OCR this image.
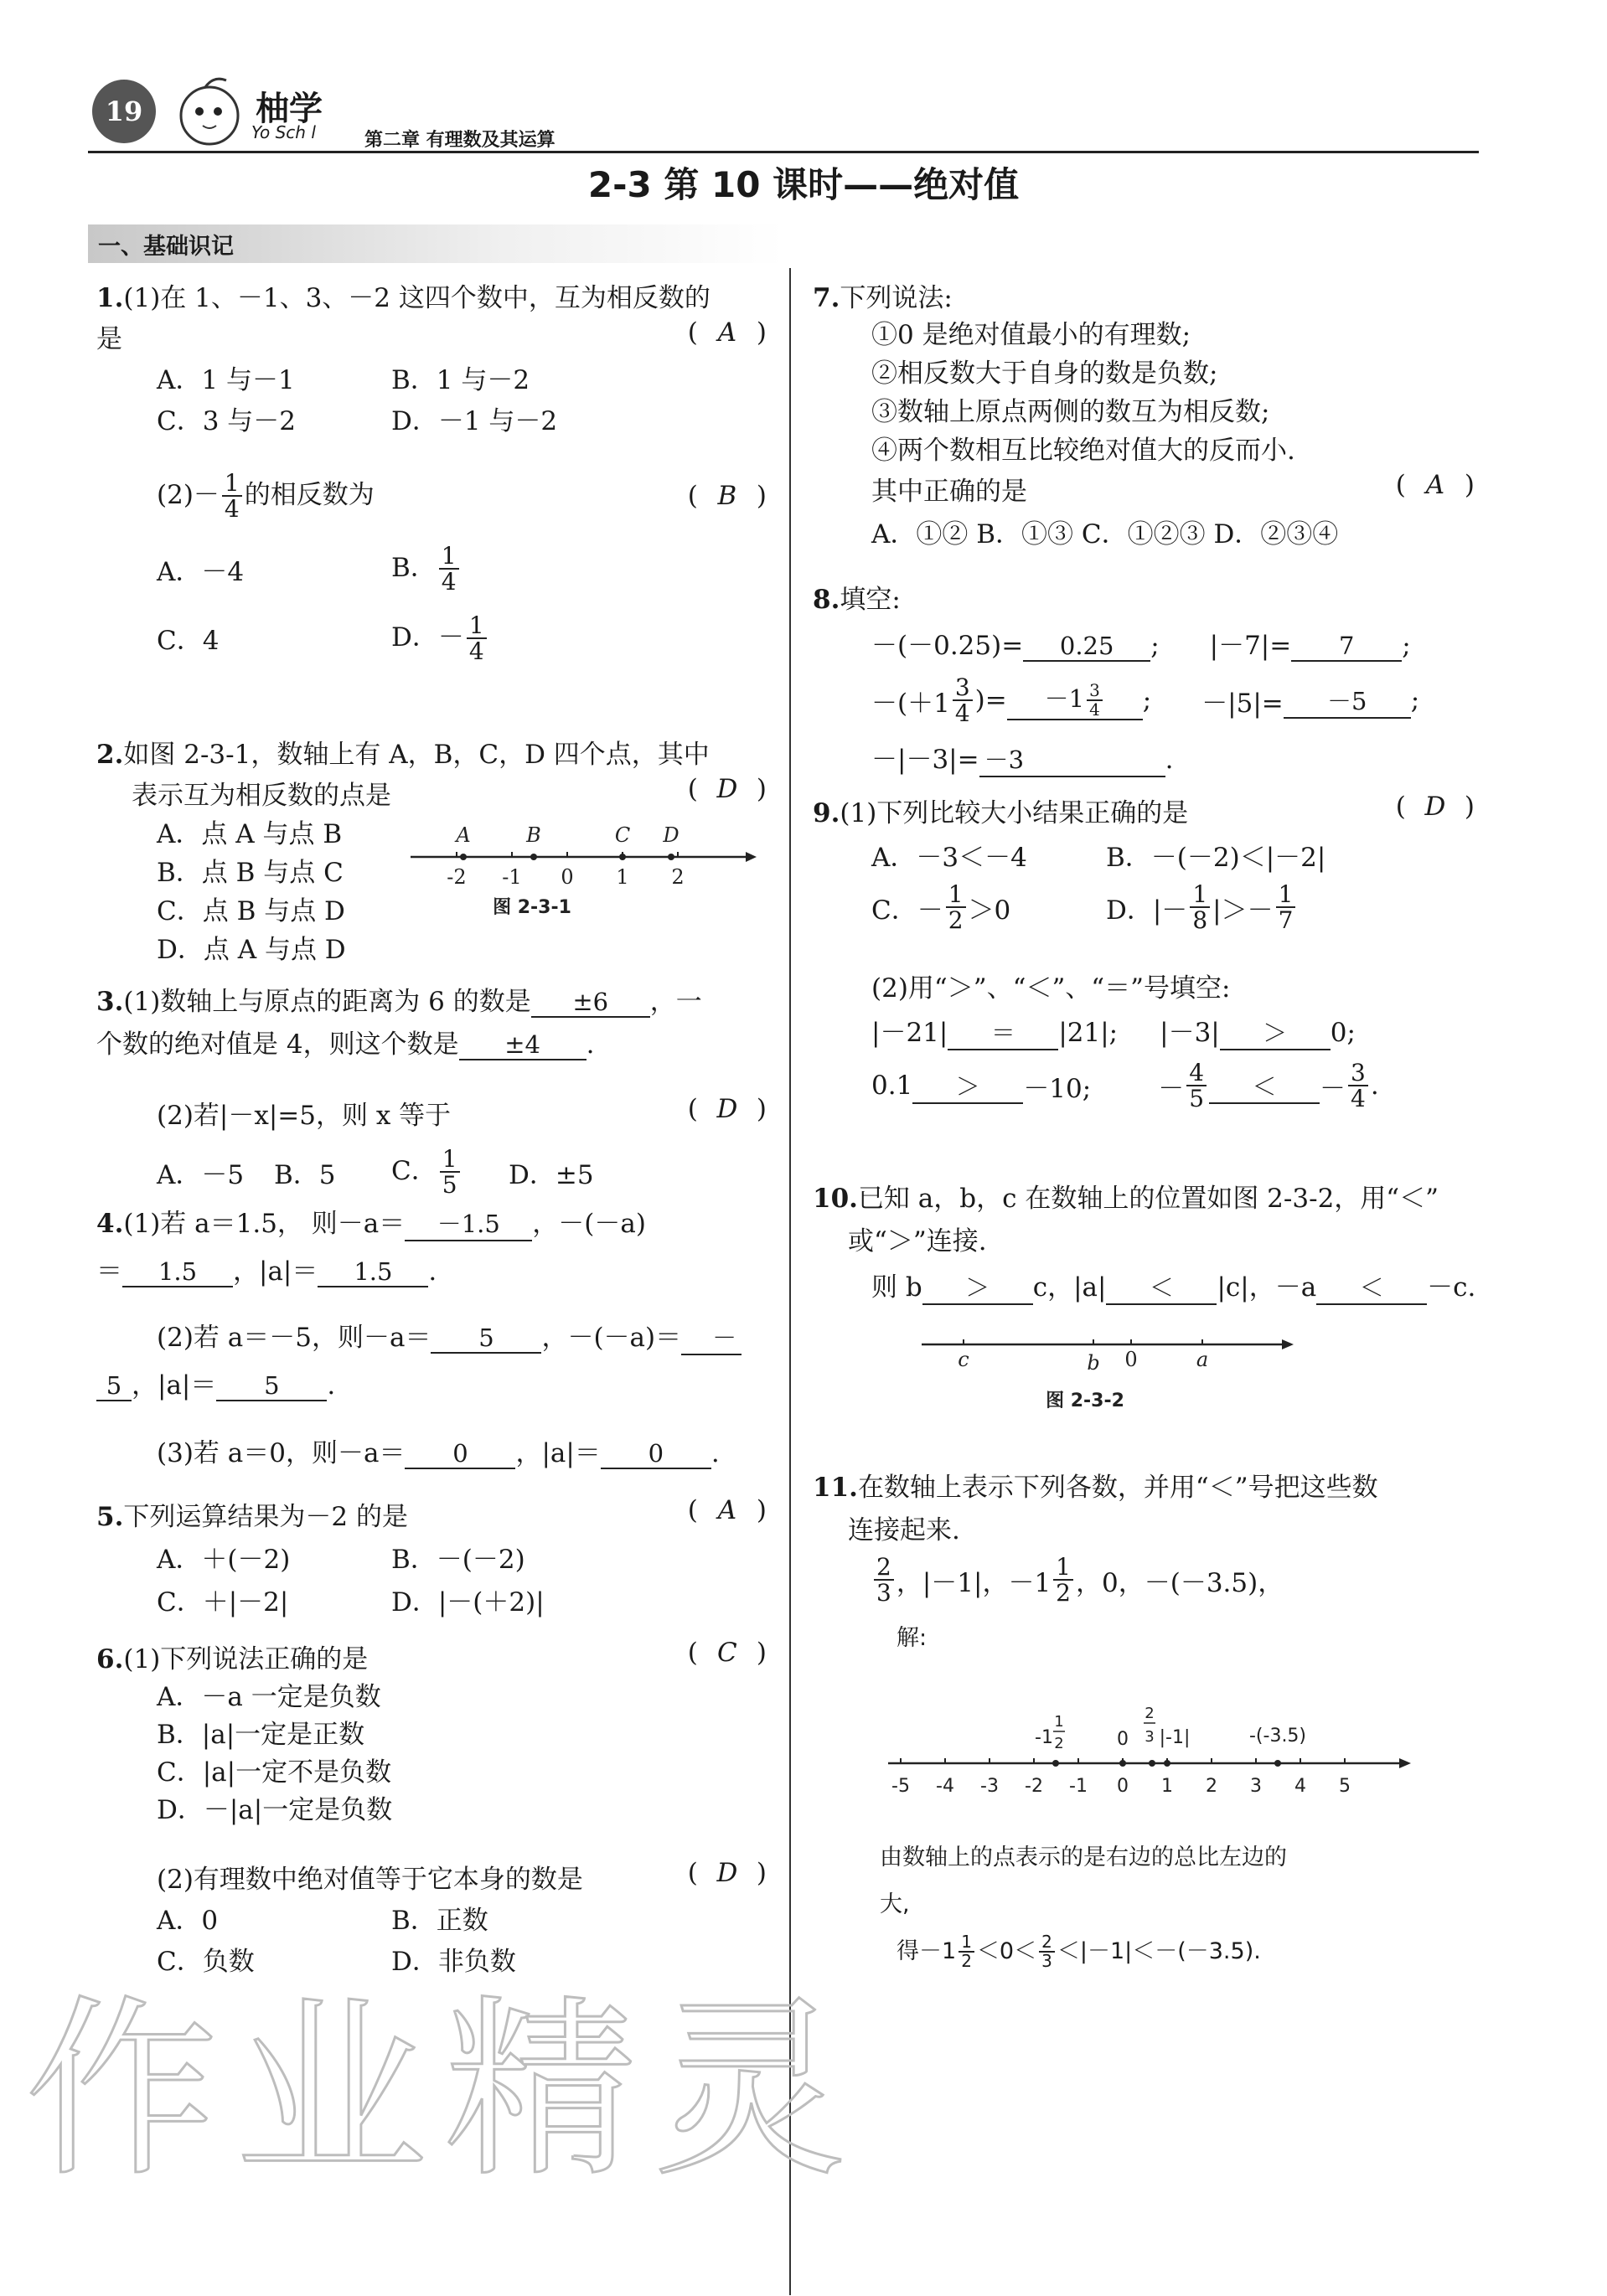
19	柚学
Yo Sch l	第二章 有理数及其运算
2-3 第 10 课时——绝对值
一、基础识记
1.(1)在 1、－1、3、－2 这四个数中，互为相反数的
是	( A )
A．1 与－1	B．1 与－2
C．3 与－2	D．－1 与－2
$(2)- \frac{1}{4}$ 的相反数为	( B )
A．－4	B． $\frac{1}{4}$
C．4	D．－ $\frac{1}{4}$
2.如图 2-3-1，数轴上有 A，B，C，D 四个点，其中
表示互为相反数的点是	( D )
A．点 A 与点 B
B．点 B 与点 C
C．点 B 与点 D
D．点 A 与点 D
-2 -1 0 1 2
A	B	C D
图 2-3-1
3.(1)数轴上与原点的距离为 6 的数是 ±6 ，一
个数的绝对值是 4，则这个数是 ±4 .
(2)若|－x|=5，则 x 等于	( D )
A．－5	B．5	C． $\frac{1}{5}$ D．±5
4.(1)若 a＝1.5， 则－a＝ －1.5 ，－(－a)
＝ 1.5 ，|a|＝ 1.5 .
(2)若 a＝－5，则－a＝ 5 ，－(－a)＝ －
5 ，|a|＝ 5 .
(3)若 a＝0，则－a＝ 0 ，|a|＝ 0 .
5.下列运算结果为－2 的是	( A )
A．＋(－2)	B．－(－2)
C．＋|－2|	D．|－(＋2)|
6.(1)下列说法正确的是	( C )
A．－a 一定是负数
B．|a|一定是正数
C．|a|一定不是负数
D．－|a|一定是负数
(2)有理数中绝对值等于它本身的数是	( D )
A．0	B．正数
C．负数	D．非负数
7.下列说法:
①0 是绝对值最小的有理数;
②相反数大于自身的数是负数;
③数轴上原点两侧的数互为相反数;
④两个数相互比较绝对值大的反而小.
其中正确的是	( A )
A．①② B．①③ C．①②③ D．②③④
8.填空:
－(－0.25)= 0.25 ; |－7|= 7 ;
$-(+1 \frac{3}{4}$ )=	$-1 \frac{3}{4}$ ; －|5|=	－5	;
－|－3|= －3	.
9.(1)下列比较大小结果正确的是	( D )
A．－3＜－4	B．－(－2)＜|－2|
C．－ $\frac{1}{2} >0$	D．|－ $\frac{1}{8}$ |＞－ $\frac{1}{7}$
(2)用“＞”、“＜”、“＝”号填空:
|－21| ＝ |21|; |－3| ＞ 0;
0.1	＞	－10;	－ $\frac{4}{5}$	＜	－ $\frac{3}{4}$ .
10.已知 a，b，c 在数轴上的位置如图 2-3-2，用“＜”
或“＞”连接.
则 b ＞ c，|a| ＜ |c|，－a ＜ －c.
c	b 0	a
图 2-3-2
11.在数轴上表示下列各数，并用“＜”号把这些数
连接起来.
$\frac{2}{3}$ ，|－1|，$-1 \frac{1}{2}$ ，0，－(－3.5)，
解:
-5 -4 -3 -2 -1 0 1 2 3 4 5
-1
1
2	0
2
3 |-1|	-(-3.5)
由数轴上的点表示的是右边的总比左边的
大,
得$-1 \frac{1}{2} <0< \frac{2}{3} <|-1|<-(-3.5)$.
作业精灵
